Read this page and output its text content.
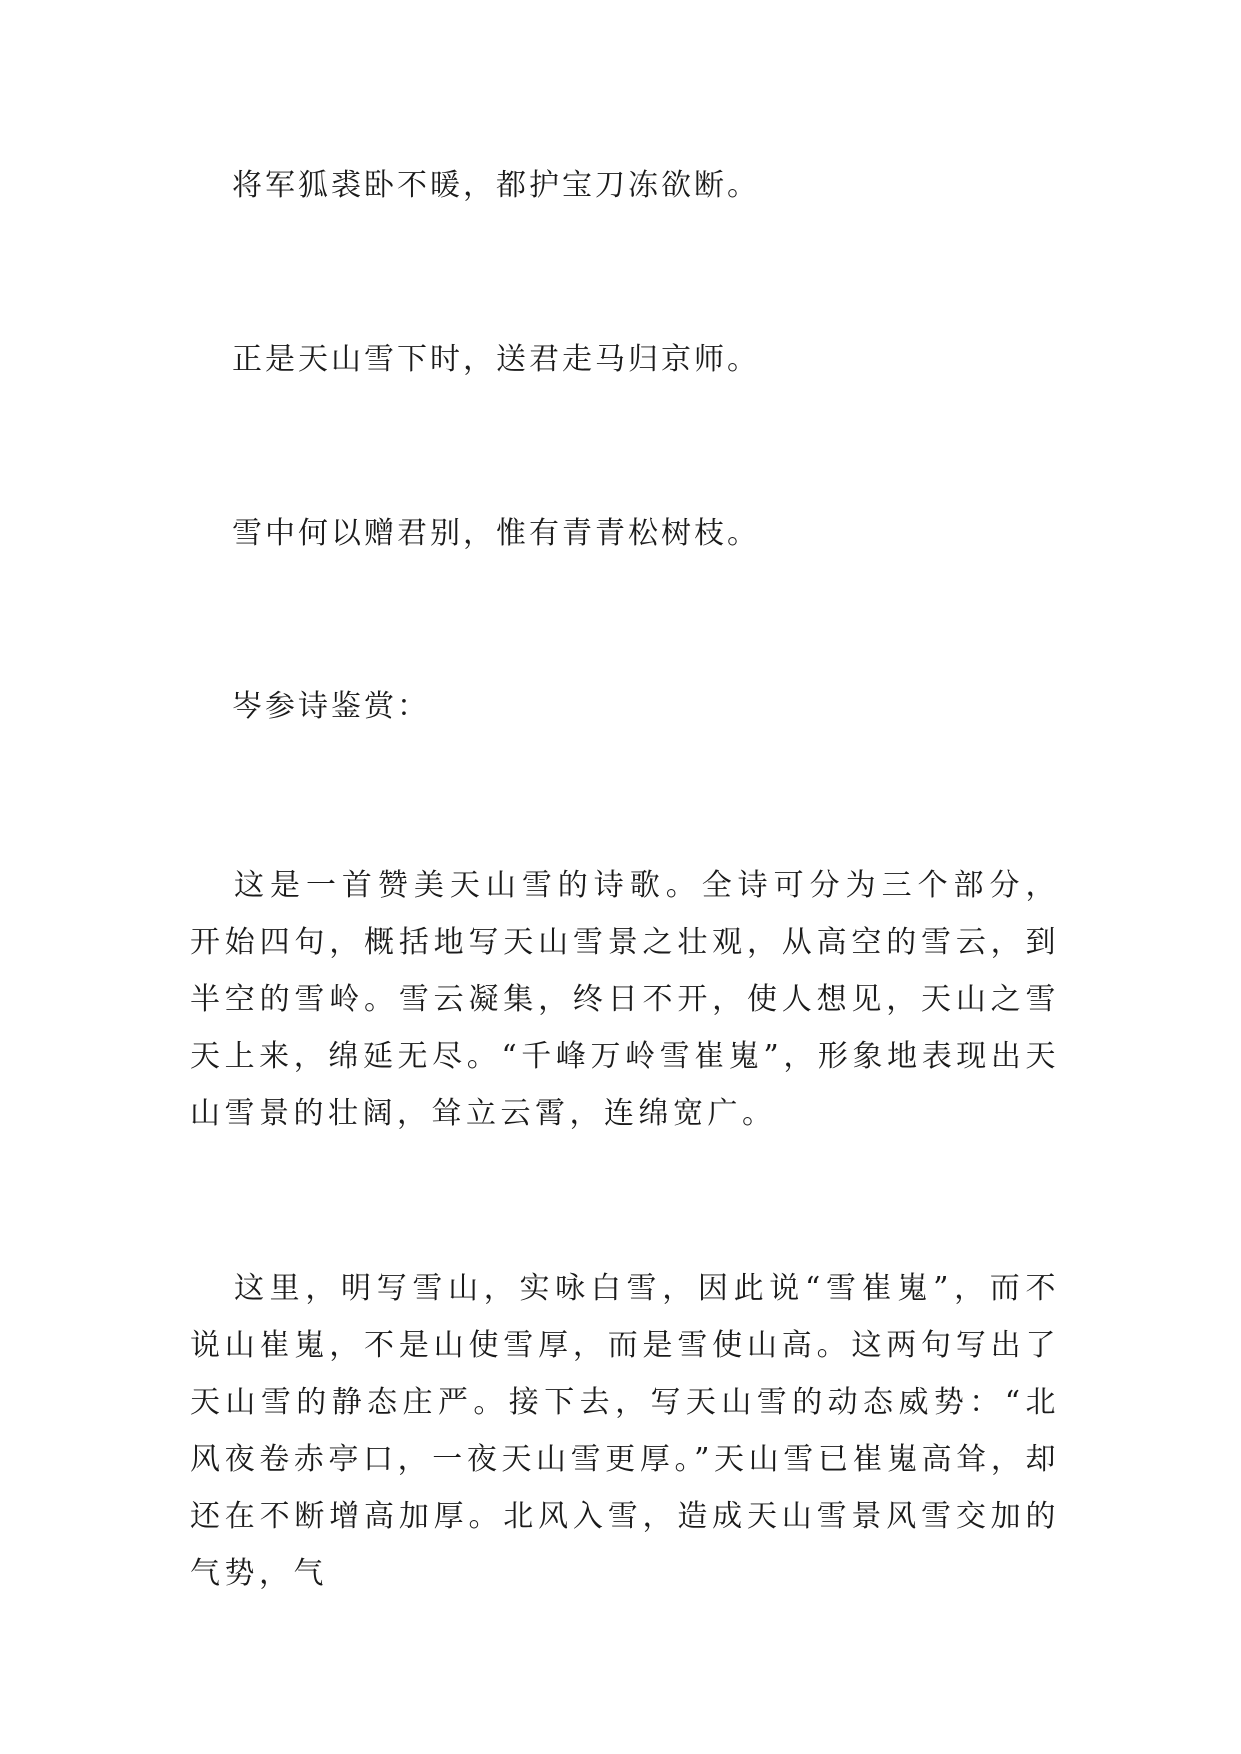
将军狐裘卧不暖，都护宝刀冻欲断。

正是天山雪下时，送君走马归京师。

雪中何以赠君别，惟有青青松树枝。

岑参诗鉴赏：

这是一首赞美天山雪的诗歌。全诗可分为三个部分，开始四句，概括地写天山雪景之壮观，从高空的雪云，到半空的雪岭。雪云凝集，终日不开，使人想见，天山之雪天上来，绵延无尽。“千峰万岭雪崔嵬”，形象地表现出天山雪景的壮阔，耸立云霄，连绵宽广。

这里，明写雪山，实咏白雪，因此说“雪崔嵬”，而不说山崔嵬，不是山使雪厚，而是雪使山高。这两句写出了天山雪的静态庄严。接下去，写天山雪的动态威势：“北风夜卷赤亭口，一夜天山雪更厚。”天山雪已崔嵬高耸，却还在不断增高加厚。北风入雪，造成天山雪景风雪交加的气势，气
